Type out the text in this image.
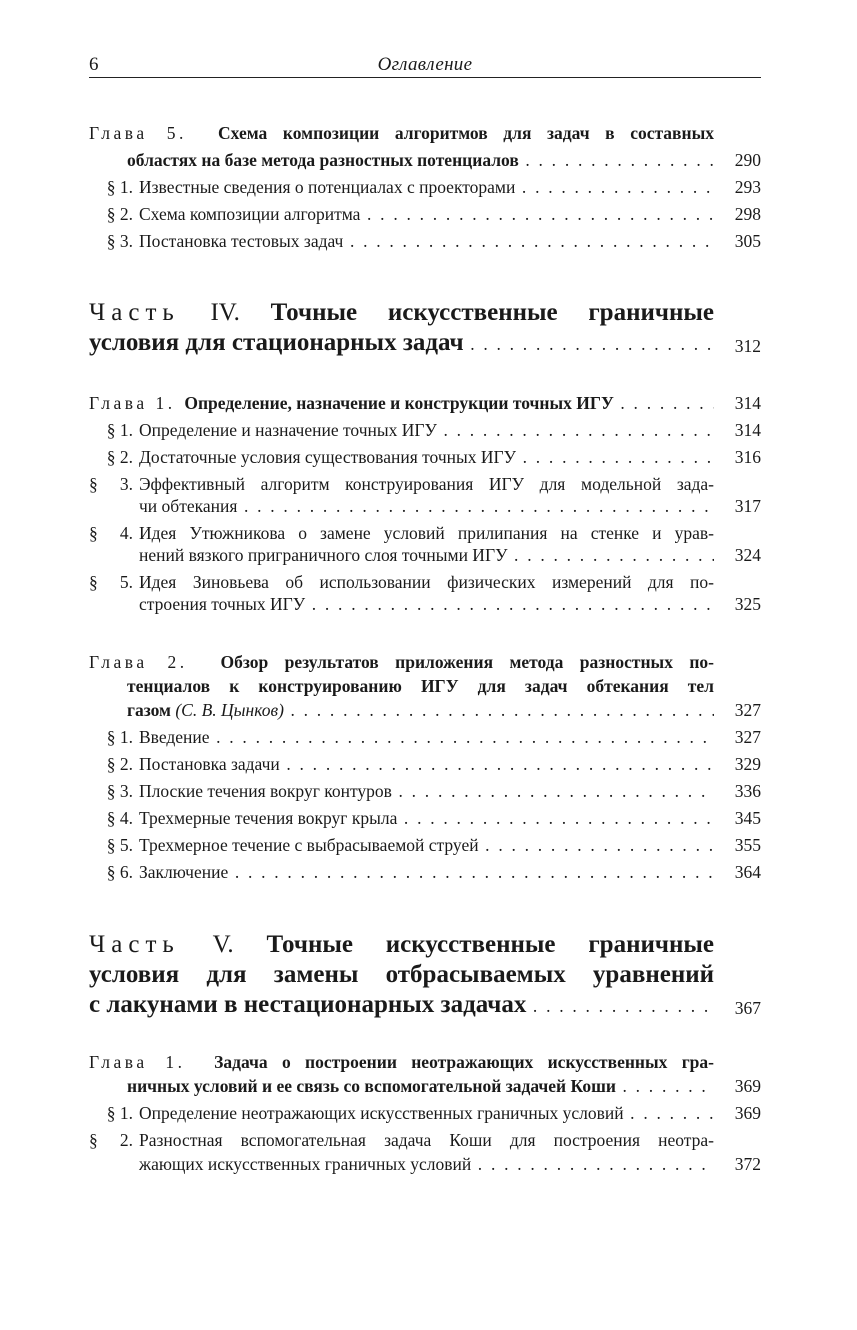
6	Оглавление
Глава 5. Схема композиции алгоритмов для задач в составных
областях на базе метода разностных потенциалов . . .	290
§ 1. Известные сведения о потенциалах с проекторами . . .	293
§ 2. Схема композиции алгоритма . . .	298
§ 3. Постановка тестовых задач . . .	305
Часть IV. Точные искусственные граничные
условия для стационарных задач . . .	312
Глава 1. Определение, назначение и конструкции точных ИГУ . . .	314
§ 1. Определение и назначение точных ИГУ . . .	314
§ 2. Достаточные условия существования точных ИГУ . . .	316
§ 3. Эффективный алгоритм конструирования ИГУ для модельной зада-
чи обтекания . . .	317
§ 4. Идея Утюжникова о замене условий прилипания на стенке и урав-
нений вязкого пригpаничного слоя точными ИГУ . . .	324
§ 5. Идея Зиновьева об использовании физических измерений для по-
строения точных ИГУ . . .	325
Глава 2. Обзор результатов приложения метода разностных по-
тенциалов к конструированию ИГУ для задач обтекания тел
газом (С. В. Цынков) . . .	327
§ 1. Введение . . .	327
§ 2. Постановка задачи . . .	329
§ 3. Плоские течения вокруг контуров . . .	336
§ 4. Трехмерные течения вокруг крыла . . .	345
§ 5. Трехмерное течение с выбрасываемой струей . . .	355
§ 6. Заключение . . .	364
Часть V. Точные искусственные граничные
условия для замены отбрасываемых уравнений
с лакунами в нестационарных задачах . . .	367
Глава 1. Задача о построении неотражающих искусственных гра-
ничных условий и ее связь со вспомогательной задачей Коши . . .	369
§ 1. Определение неотражающих искусственных граничных условий . . .	369
§ 2. Разностная вспомогательная задача Коши для построения неотра-
жающих искусственных граничных условий . . .	372
